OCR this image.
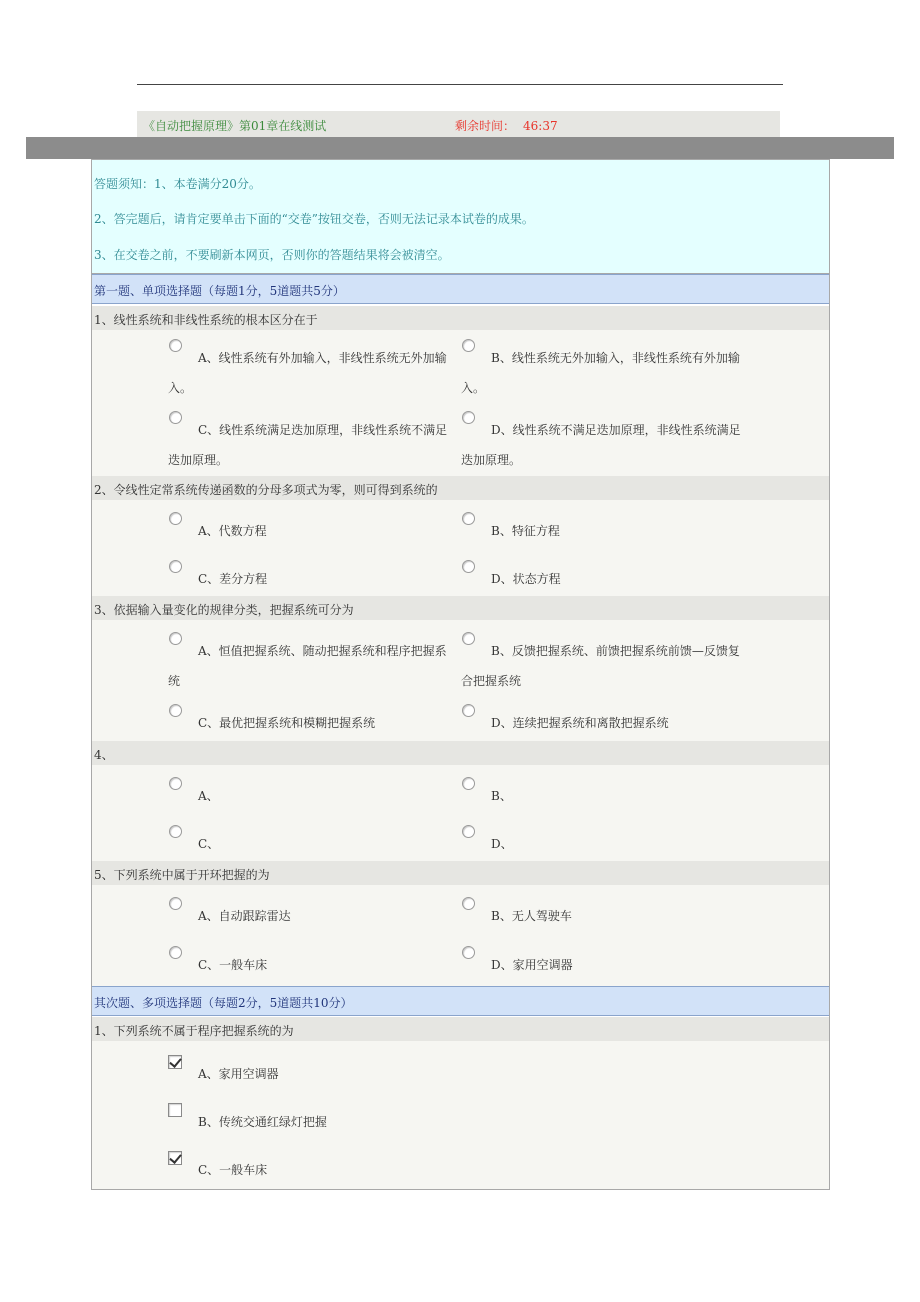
《自动把握原理》第01章在线测试	剩余时间： 46:37

答题须知：1、本卷满分20分。

2、答完题后，请肯定要单击下面的“交卷”按钮交卷，否则无法记录本试卷的成果。

3、在交卷之前，不要刷新本网页，否则你的答题结果将会被清空。

第一题、单项选择题（每题1分，5道题共5分）
1、线性系统和非线性系统的根本区分在于
A、线性系统有外加输入，非线性系统无外加输入。
B、线性系统无外加输入，非线性系统有外加输入。
C、线性系统满足迭加原理，非线性系统不满足迭加原理。
D、线性系统不满足迭加原理，非线性系统满足迭加原理。
2、令线性定常系统传递函数的分母多项式为零，则可得到系统的
A、代数方程	B、特征方程
C、差分方程	D、状态方程
3、依据输入量变化的规律分类，把握系统可分为
A、恒值把握系统、随动把握系统和程序把握系统
B、反馈把握系统、前馈把握系统前馈—反馈复合把握系统
C、最优把握系统和模糊把握系统	D、连续把握系统和离散把握系统
4、
A、	B、
C、	D、
5、下列系统中属于开环把握的为
A、自动跟踪雷达	B、无人驾驶车
C、一般车床	D、家用空调器
其次题、多项选择题（每题2分，5道题共10分）
1、下列系统不属于程序把握系统的为
A、家用空调器
B、传统交通红绿灯把握
C、一般车床
